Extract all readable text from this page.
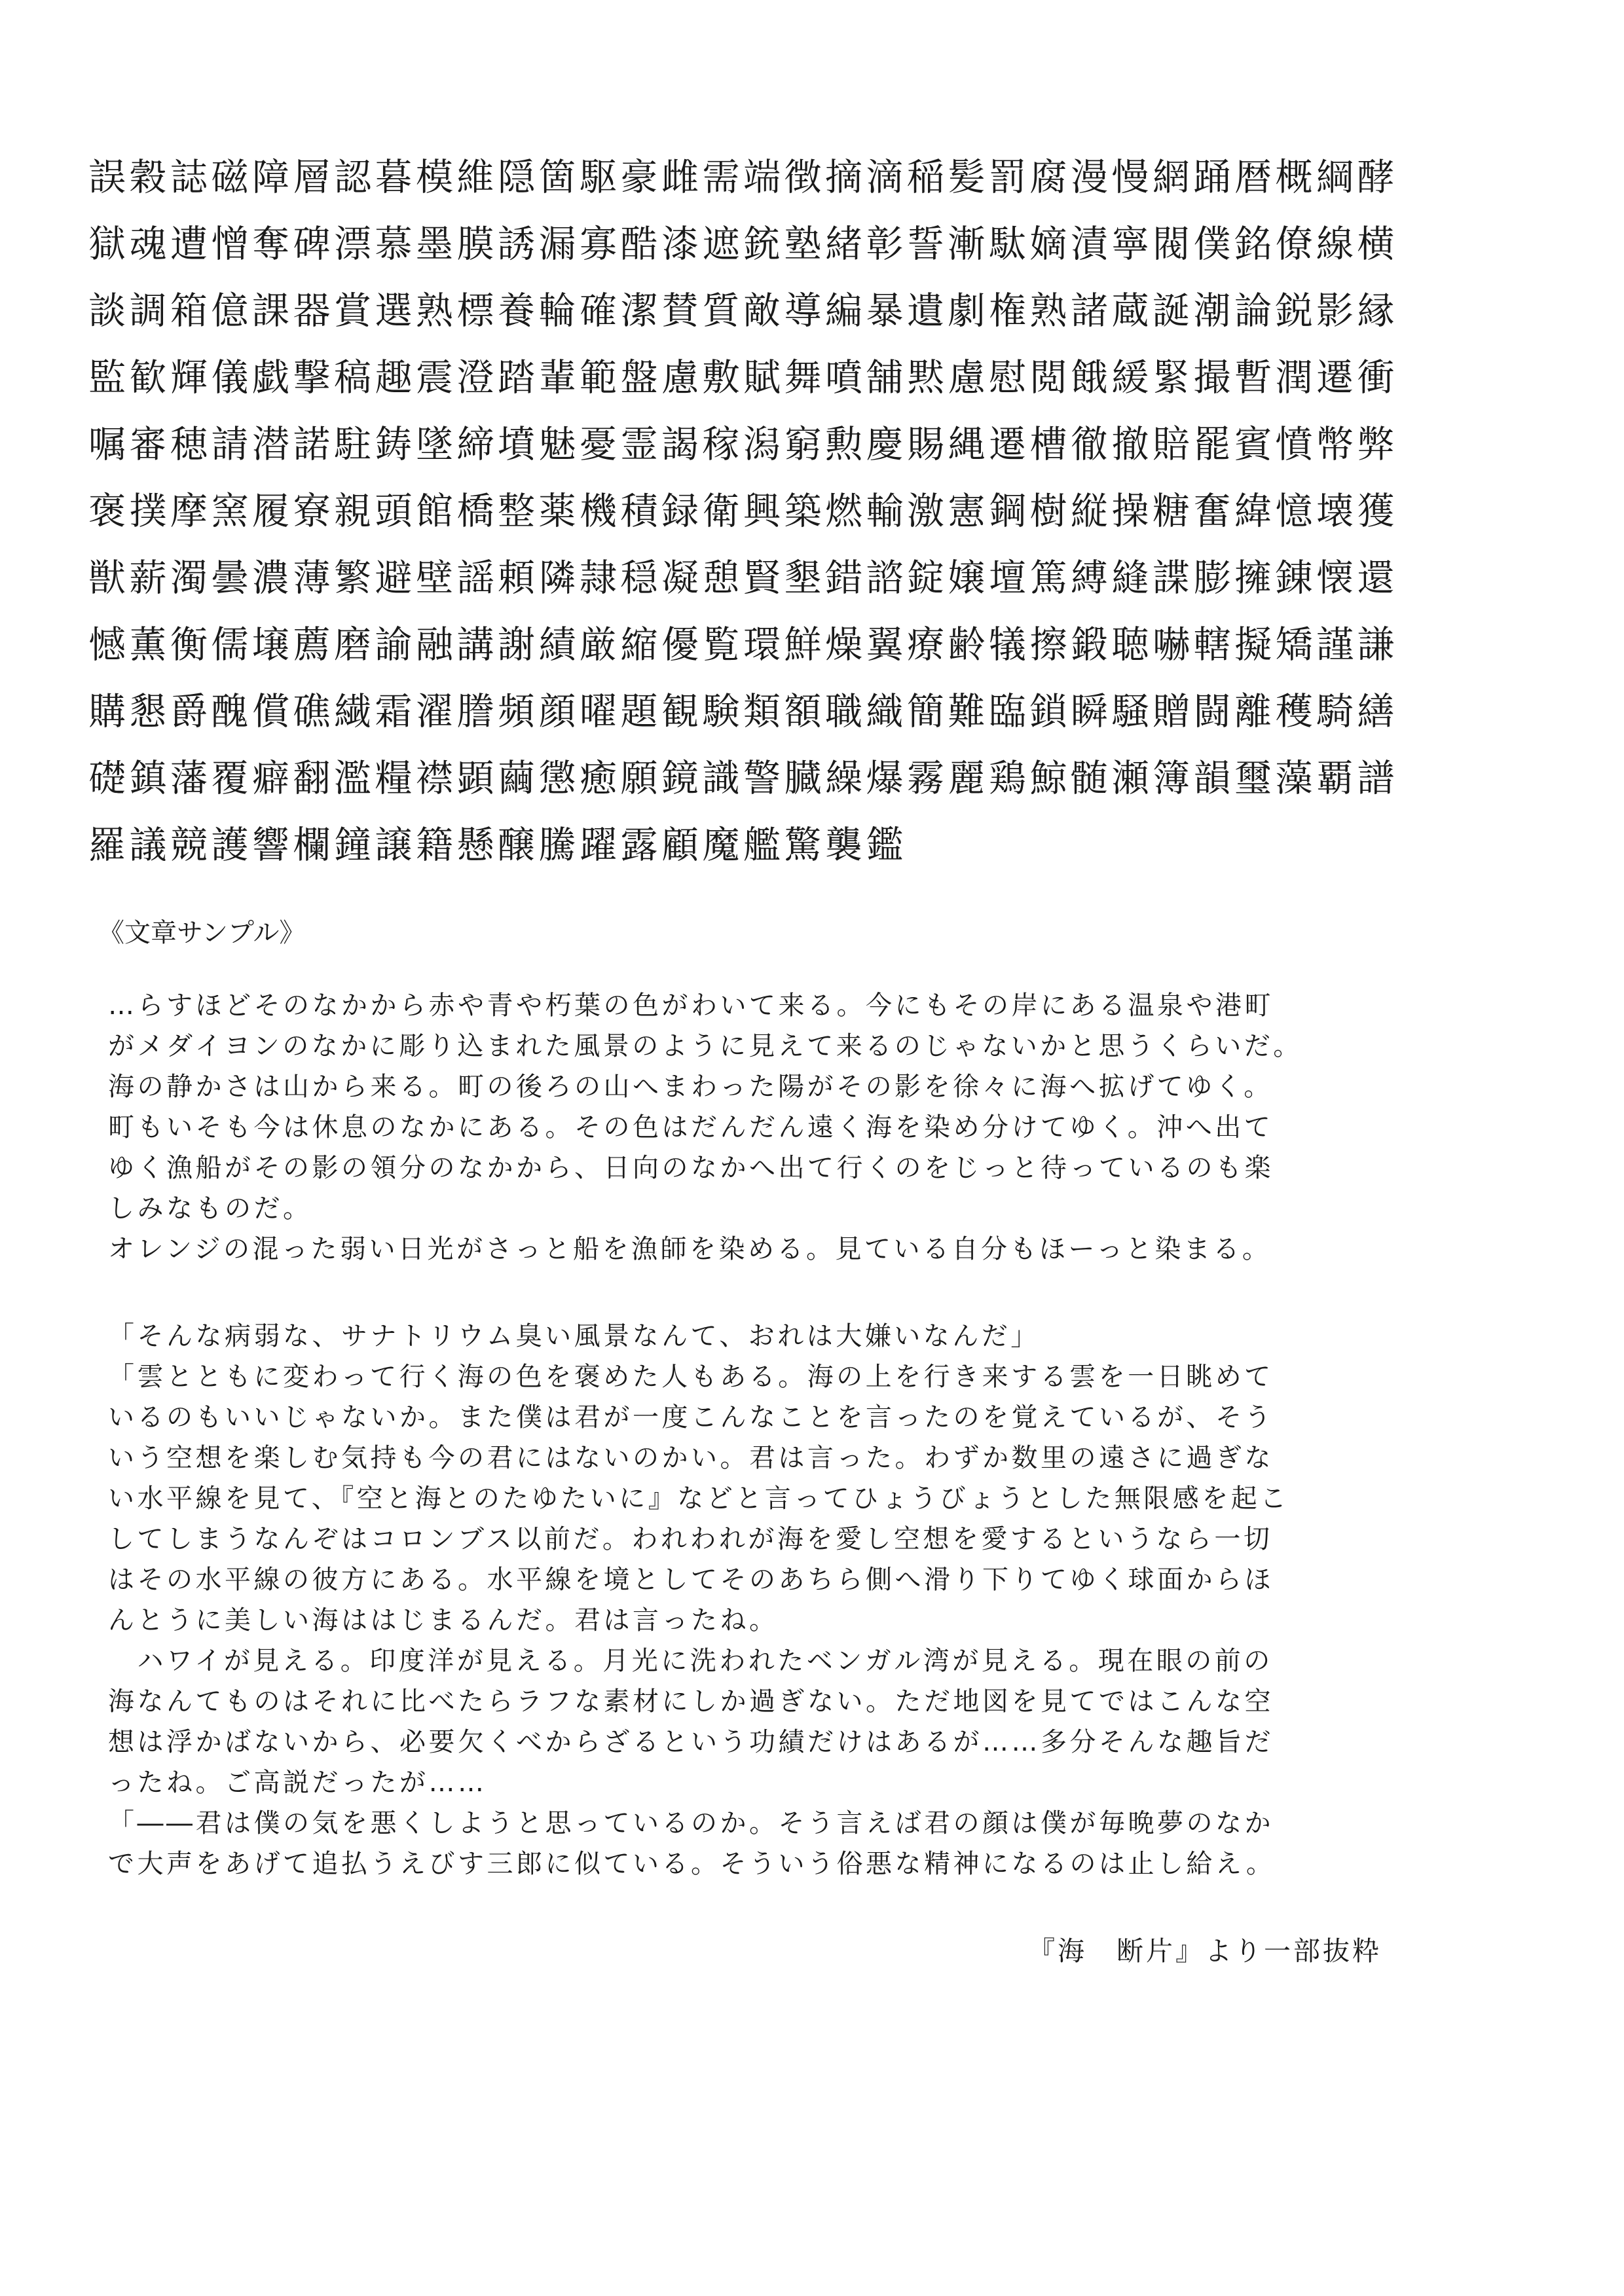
誤穀誌磁障層認暮模維隠箇駆豪雌需端徴摘滴稲髪罰腐漫慢網踊暦概綱酵
獄魂遭憎奪碑漂慕墨膜誘漏寡酷漆遮銃塾緒彰誓漸駄嫡漬寧閥僕銘僚線横
談調箱億課器賞選熟標養輪確潔賛質敵導編暴遺劇権熟諸蔵誕潮論鋭影縁
監歓輝儀戯撃稿趣震澄踏輩範盤慮敷賦舞噴舗黙慮慰閲餓緩緊撮暫潤遷衝
嘱審穂請潜諾駐鋳墜締墳魅憂霊謁稼潟窮勲慶賜縄遷槽徹撤賠罷賓憤幣弊
褒撲摩窯履寮親頭館橋整薬機積録衛興築燃輸激憲鋼樹縦操糖奮緯憶壊獲
獣薪濁曇濃薄繁避壁謡頼隣隷穏凝憩賢墾錯諮錠嬢壇篤縛縫諜膨擁錬懐還
憾薫衡儒壌薦磨諭融講謝績厳縮優覧環鮮燥翼療齢犠擦鍛聴嚇轄擬矯謹謙
購懇爵醜償礁繊霜濯謄頻顔曜題観験類額職織簡難臨鎖瞬騒贈闘離穫騎繕
礎鎮藩覆癖翻濫糧襟顕繭懲癒願鏡識警臓繰爆霧麗鶏鯨髄瀬簿韻璽藻覇譜
羅議競護響欄鐘譲籍懸醸騰躍露顧魔艦驚襲鑑
《文章サンプル》
…らすほどそのなかから赤や青や朽葉の色がわいて来る。今にもその岸にある温泉や港町
がメダイヨンのなかに彫り込まれた風景のように見えて来るのじゃないかと思うくらいだ。
海の静かさは山から来る。町の後ろの山へまわった陽がその影を徐々に海へ拡げてゆく。
町もいそも今は休息のなかにある。その色はだんだん遠く海を染め分けてゆく。沖へ出て
ゆく漁船がその影の領分のなかから、日向のなかへ出て行くのをじっと待っているのも楽
しみなものだ。
オレンジの混った弱い日光がさっと船を漁師を染める。見ている自分もほーっと染まる。
「そんな病弱な、サナトリウム臭い風景なんて、おれは大嫌いなんだ」
「雲とともに変わって行く海の色を褒めた人もある。海の上を行き来する雲を一日眺めて
いるのもいいじゃないか。また僕は君が一度こんなことを言ったのを覚えているが、そう
いう空想を楽しむ気持も今の君にはないのかい。君は言った。わずか数里の遠さに過ぎな
い水平線を見て、『空と海とのたゆたいに』などと言ってひょうびょうとした無限感を起こ
してしまうなんぞはコロンブス以前だ。われわれが海を愛し空想を愛するというなら一切
はその水平線の彼方にある。水平線を境としてそのあちら側へ滑り下りてゆく球面からほ
んとうに美しい海ははじまるんだ。君は言ったね。
　ハワイが見える。印度洋が見える。月光に洗われたベンガル湾が見える。現在眼の前の
海なんてものはそれに比べたらラフな素材にしか過ぎない。ただ地図を見てではこんな空
想は浮かばないから、必要欠くべからざるという功績だけはあるが……多分そんな趣旨だ
ったね。ご高説だったが……
「――君は僕の気を悪くしようと思っているのか。そう言えば君の顔は僕が毎晩夢のなか
で大声をあげて追払うえびす三郎に似ている。そういう俗悪な精神になるのは止し給え。
『海　断片』より一部抜粋
